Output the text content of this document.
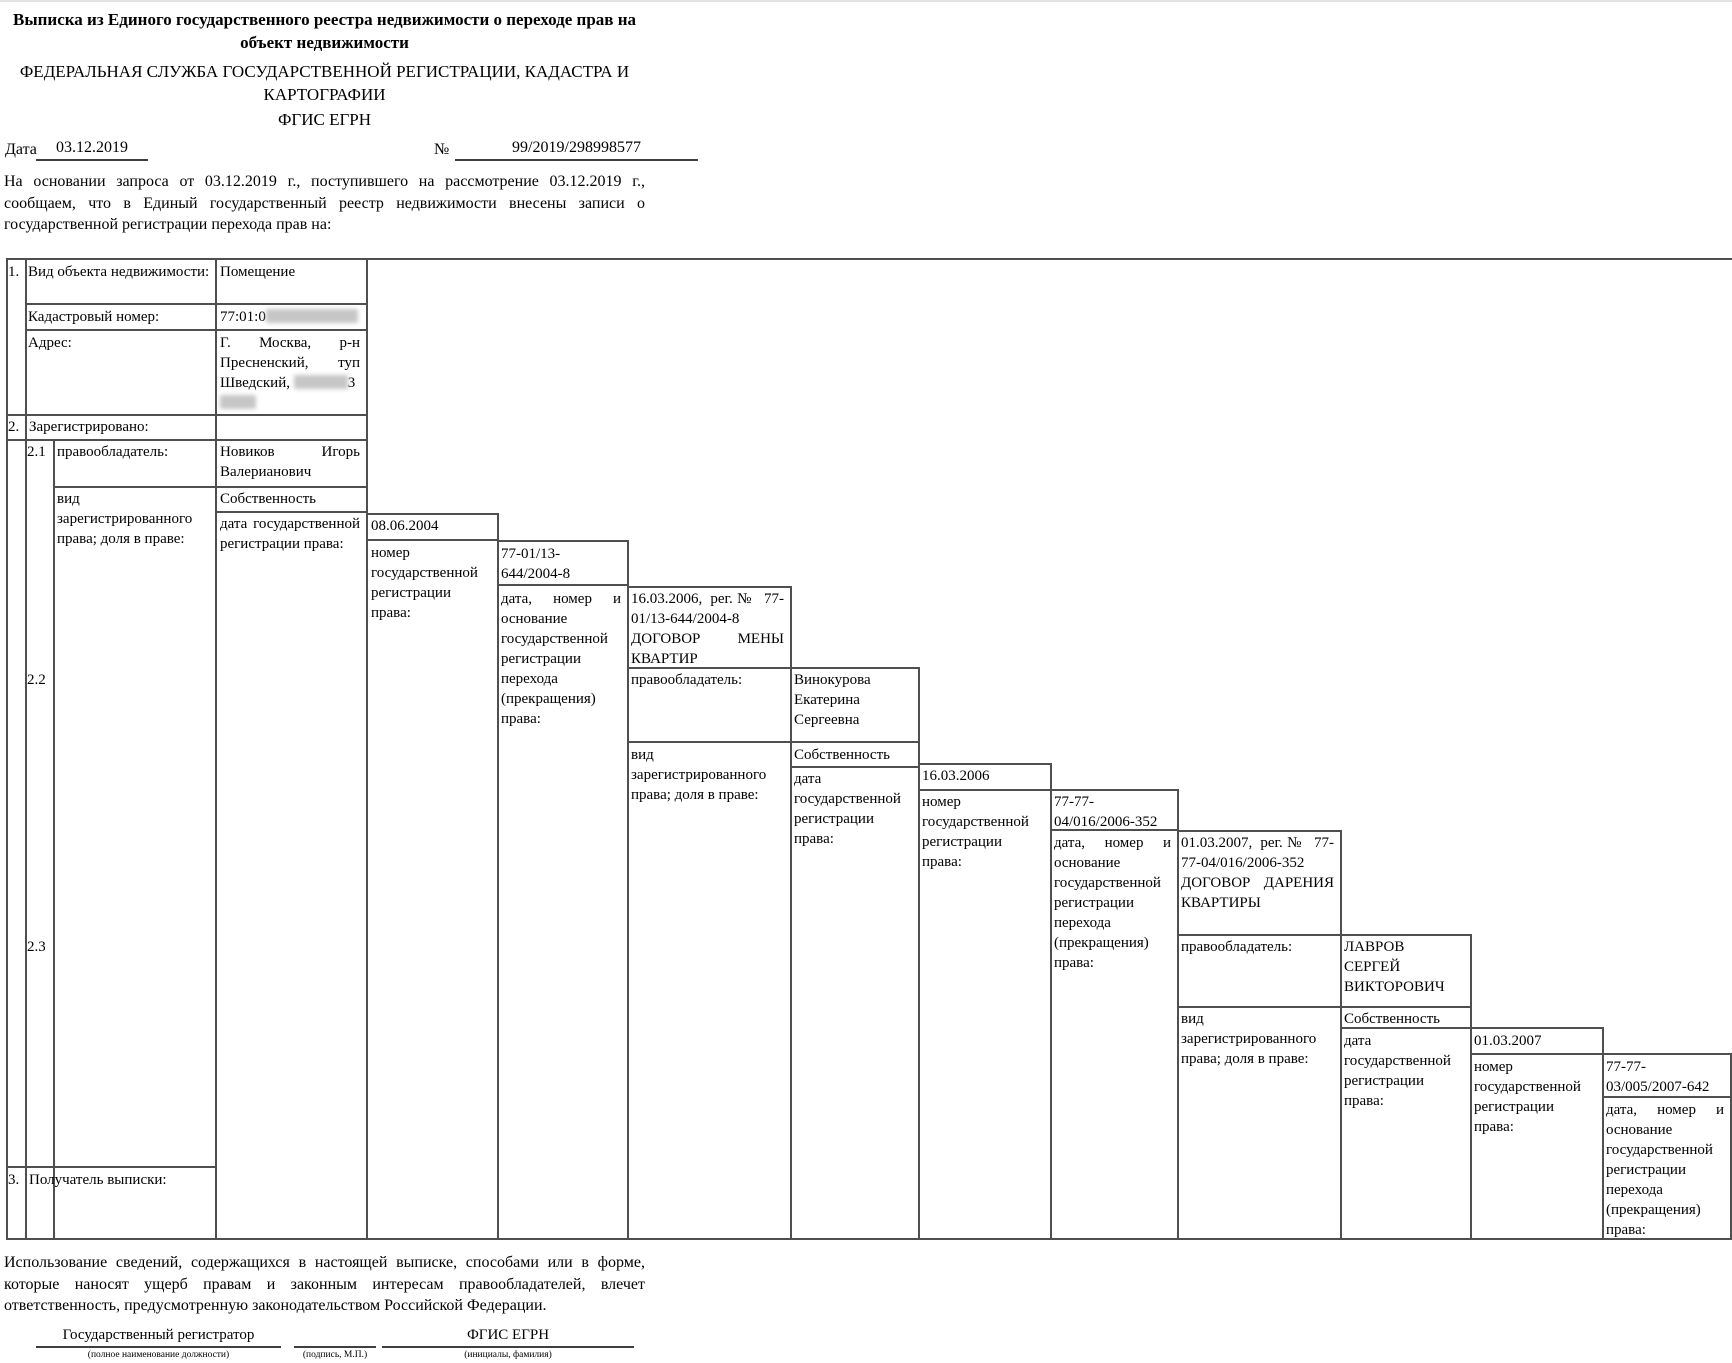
Выписка из Единого государственного реестра недвижимости о переходе прав на объект недвижимости
ФЕДЕРАЛЬНАЯ СЛУЖБА ГОСУДАРСТВЕННОЙ РЕГИСТРАЦИИ, КАДАСТРА И КАРТОГРАФИИ
ФГИС ЕГРН
Дата	03.12.2019	№	99/2019/298998577
На основании запроса от 03.12.2019 г., поступившего на рассмотрение 03.12.2019 г., сообщаем, что в Единый государственный реестр недвижимости внесены записи о государственной регистрации перехода прав на:
1. Вид объекта недвижимости: Помещение
Кадастровый номер:	77:01:0
Адрес:	Г. Москва, р-н Пресненский, туп Шведский,	3

2. Зарегистрировано:
2.1 правообладатель:	Новиков Игорь Валерианович
вид зарегистрированного права; доля в праве:
Собственность
дата государственной регистрации права:
08.06.2004
номер государственной регистрации права:
77-01/13-644/2004-8
дата, номер и основание государственной регистрации перехода (прекращения) права:
16.03.2006, рег.№ 77-01/13-644/2004-8 ДОГОВОР МЕНЫ КВАРТИР
2.2	правообладатель:	Винокурова Екатерина Сергеевна
вид зарегистрированного права; доля в праве:
Собственность
дата государственной регистрации права:
16.03.2006
номер государственной регистрации права:
77-77-04/016/2006-352
дата, номер и основание государственной регистрации перехода (прекращения) права:
01.03.2007, рег.№ 77-77-04/016/2006-352 ДОГОВОР ДАРЕНИЯ КВАРТИРЫ
2.3	правообладатель:	ЛАВРОВ СЕРГЕЙ ВИКТОРОВИЧ
вид зарегистрированного права; доля в праве:
Собственность
дата государственной регистрации права:
01.03.2007
номер государственной регистрации права:
77-77-03/005/2007-642
дата, номер и основание государственной регистрации перехода (прекращения) права:
3. Получатель выписки:
Использование сведений, содержащихся в настоящей выписке, способами или в форме, которые наносят ущерб правам и законным интересам правообладателей, влечет ответственность, предусмотренную законодательством Российской Федерации.
Государственный регистратор
(полное наименование должности)	(подпись, М.П.)
ФГИС ЕГРН
(инициалы, фамилия)
